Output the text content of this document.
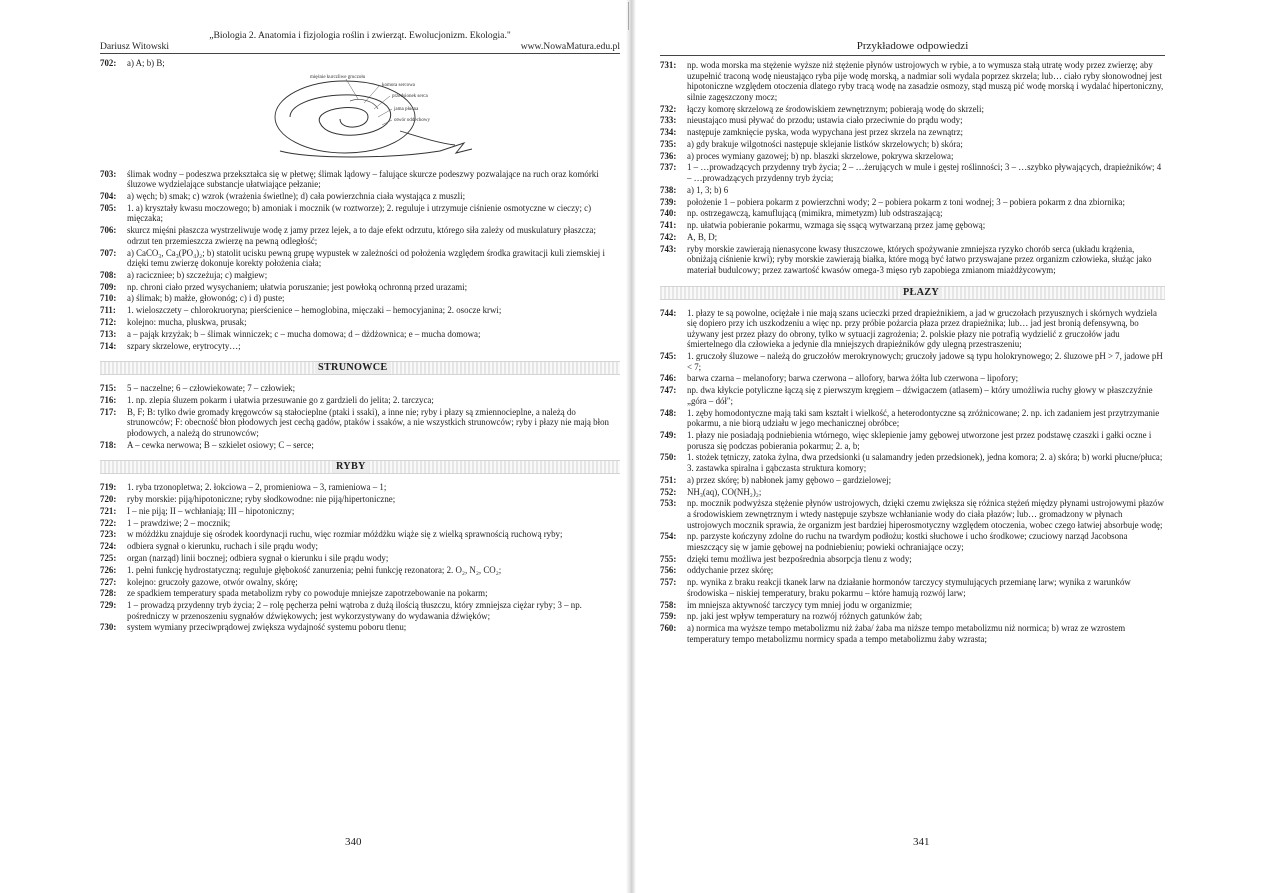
„Biologia 2. Anatomia i fizjologia roślin i zwierząt. Ewolucjonizm. Ekologia."
Dariusz Witowski	www.NowaMatura.edu.pl
702:	a) A; b) B;
mięśnie kurczliwe gruczołu
komora sercowa
przedsionek serca
jama płucna
otwór oddechowy
703:	ślimak wodny – podeszwa przekształca się w płetwę; ślimak lądowy – falujące skurcze podeszwy pozwalające na ruch oraz komórki śluzowe wydzielające substancje ułatwiające pełzanie;
704:	a) węch; b) smak; c) wzrok (wrażenia świetlne); d) cała powierzchnia ciała wystająca z muszli;
705:	1. a) kryształy kwasu moczowego; b) amoniak i mocznik (w roztworze); 2. reguluje i utrzymuje ciśnienie osmotyczne w cieczy; c) mięczaka;
706:	skurcz mięśni płaszcza wystrzeliwuje wodę z jamy przez lejek, a to daje efekt odrzutu, którego siła zależy od muskulatury płaszcza; odrzut ten przemieszcza zwierzę na pewną odległość;
707:	a) CaCO₃, Ca₃(PO₄)₂; b) statolit ucisku pewną grupę wypustek w zależności od położenia względem środka grawitacji kuli ziemskiej i dzięki temu zwierzę dokonuje korekty położenia ciała;
708:	a) raciczniee; b) szczeżuja; c) małgiew;
709:	np. chroni ciało przed wysychaniem; ułatwia poruszanie; jest powłoką ochronną przed urazami;
710:	a) ślimak; b) małże, głowonóg; c) i d) puste;
711:	1. wieloszczety – chlorokruoryna; pierścienice – hemoglobina, mięczaki – hemocyjanina; 2. osocze krwi;
712:	kolejno: mucha, pluskwa, prusak;
713:	a – pająk krzyżak; b – ślimak winniczek; c – mucha domowa; d – dżdżownica; e – mucha domowa;
714:	szpary skrzelowe, erytrocyty…;
STRUNOWCE
715:	5 – naczelne; 6 – człowiekowate; 7 – człowiek;
716:	1. np. zlepia śluzem pokarm i ułatwia przesuwanie go z gardzieli do jelita; 2. tarczyca;
717:	B, F; B: tylko dwie gromady kręgowców są stałocieplne (ptaki i ssaki), a inne nie; ryby i płazy są zmiennocieplne, a należą do strunowców; F: obecność błon płodowych jest cechą gadów, ptaków i ssaków, a nie wszystkich strunowców; ryby i płazy nie mają błon płodowych, a należą do strunowców;
718:	A – cewka nerwowa; B – szkielet osiowy; C – serce;
RYBY
719:	1. ryba trzonopletwa; 2. łokciowa – 2, promieniowa – 3, ramieniowa – 1;
720:	ryby morskie: piją/hipotoniczne; ryby słodkowodne: nie piją/hipertoniczne;
721:	I – nie piją; II – wchłaniają; III – hipotoniczny;
722:	1 – prawdziwe; 2 – mocznik;
723:	w móżdżku znajduje się ośrodek koordynacji ruchu, więc rozmiar móżdżku wiąże się z wielką sprawnością ruchową ryby;
724:	odbiera sygnał o kierunku, ruchach i sile prądu wody;
725:	organ (narząd) linii bocznej; odbiera sygnał o kierunku i sile prądu wody;
726:	1. pełni funkcję hydrostatyczną; reguluje głębokość zanurzenia; pełni funkcję rezonatora; 2. O₂, N₂, CO₂;
727:	kolejno: gruczoły gazowe, otwór owalny, skórę;
728:	ze spadkiem temperatury spada metabolizm ryby co powoduje mniejsze zapotrzebowanie na pokarm;
729:	1 – prowadzą przydenny tryb życia; 2 – rolę pęcherza pełni wątroba z dużą ilością tłuszczu, który zmniejsza ciężar ryby; 3 – np. pośredniczy w przenoszeniu sygnałów dźwiękowych; jest wykorzystywany do wydawania dźwięków;
730:	system wymiany przeciwprądowej zwiększa wydajność systemu poboru tlenu;
340
Przykładowe odpowiedzi
731:	np. woda morska ma stężenie wyższe niż stężenie płynów ustrojowych w rybie, a to wymusza stałą utratę wody przez zwierzę; aby uzupełnić traconą wodę nieustająco ryba pije wodę morską, a nadmiar soli wydala poprzez skrzela; lub… ciało ryby słonowodnej jest hipotoniczne względem otoczenia dlatego ryby tracą wodę na zasadzie osmozy, stąd muszą pić wodę morską i wydalać hipertoniczny, silnie zagęszczony mocz;
732:	łączy komorę skrzelową ze środowiskiem zewnętrznym; pobierają wodę do skrzeli;
733:	nieustająco musi pływać do przodu; ustawia ciało przeciwnie do prądu wody;
734:	następuje zamknięcie pyska, woda wypychana jest przez skrzela na zewnątrz;
735:	a) gdy brakuje wilgotności następuje sklejanie listków skrzelowych; b) skóra;
736:	a) proces wymiany gazowej; b) np. blaszki skrzelowe, pokrywa skrzelowa;
737:	1 – …prowadzących przydenny tryb życia; 2 – …żerujących w mule i gęstej roślinności; 3 – …szybko pływających, drapieżników; 4 – …prowadzących przydenny tryb życia;
738:	a) 1, 3; b) 6
739:	położenie 1 – pobiera pokarm z powierzchni wody; 2 – pobiera pokarm z toni wodnej; 3 – pobiera pokarm z dna zbiornika;
740:	np. ostrzegawczą, kamuflującą (mimikra, mimetyzm) lub odstraszającą;
741:	np. ułatwia pobieranie pokarmu, wzmaga się ssącą wytwarzaną przez jamę gębową;
742:	A, B, D;
743:	ryby morskie zawierają nienasycone kwasy tłuszczowe, których spożywanie zmniejsza ryzyko chorób serca (układu krążenia, obniżają ciśnienie krwi); ryby morskie zawierają białka, które mogą być łatwo przyswajane przez organizm człowieka, służąc jako materiał budulcowy; przez zawartość kwasów omega-3 mięso ryb zapobiega zmianom miażdżycowym;
PŁAZY
744:	1. płazy te są powolne, ociężałe i nie mają szans ucieczki przed drapieżnikiem, a jad w gruczołach przyusznych i skórnych wydziela się dopiero przy ich uszkodzeniu a więc np. przy próbie pożarcia płaza przez drapieżnika; lub… jad jest bronią defensywną, bo używany jest przez płazy do obrony, tylko w sytuacji zagrożenia; 2. polskie płazy nie potrafią wydzielić z gruczołów jadu śmiertelnego dla człowieka a jedynie dla mniejszych drapieżników gdy ulegną przestraszeniu;
745:	1. gruczoły śluzowe – należą do gruczołów merokrynowych; gruczoły jadowe są typu holokrynowego; 2. śluzowe pH > 7, jadowe pH < 7;
746:	barwa czarna – melanofory; barwa czerwona – allofory, barwa żółta lub czerwona – lipofory;
747:	np. dwa kłykcie potyliczne łączą się z pierwszym kręgiem – dźwigaczem (atlasem) – który umożliwia ruchy głowy w płaszczyźnie „góra – dół";
748:	1. zęby homodontyczne mają taki sam kształt i wielkość, a heterodontyczne są zróżnicowane; 2. np. ich zadaniem jest przytrzymanie pokarmu, a nie biorą udziału w jego mechanicznej obróbce;
749:	1. płazy nie posiadają podniebienia wtórnego, więc sklepienie jamy gębowej utworzone jest przez podstawę czaszki i gałki oczne i porusza się podczas pobierania pokarmu; 2. a, b;
750:	1. stożek tętniczy, zatoka żylna, dwa przedsionki (u salamandry jeden przedsionek), jedna komora; 2. a) skóra; b) worki płucne/płuca; 3. zastawka spiralna i gąbczasta struktura komory;
751:	a) przez skórę; b) nabłonek jamy gębowo – gardzielowej;
752:	NH₃(aq), CO(NH₂)₂;
753:	np. mocznik podwyższa stężenie płynów ustrojowych, dzięki czemu zwiększa się różnica stężeń między płynami ustrojowymi płazów a środowiskiem zewnętrznym i wtedy następuje szybsze wchłanianie wody do ciała płazów; lub… gromadzony w płynach ustrojowych mocznik sprawia, że organizm jest bardziej hiperosmotyczny względem otoczenia, wobec czego łatwiej absorbuje wodę;
754:	np. parzyste kończyny zdolne do ruchu na twardym podłożu; kostki słuchowe i ucho środkowe; czuciowy narząd Jacobsona mieszczący się w jamie gębowej na podniebieniu; powieki ochraniające oczy;
755:	dzięki temu możliwa jest bezpośrednia absorpcja tlenu z wody;
756:	oddychanie przez skórę;
757:	np. wynika z braku reakcji tkanek larw na działanie hormonów tarczycy stymulujących przemianę larw; wynika z warunków środowiska – niskiej temperatury, braku pokarmu – które hamują rozwój larw;
758:	im mniejsza aktywność tarczycy tym mniej jodu w organizmie;
759:	np. jaki jest wpływ temperatury na rozwój różnych gatunków żab;
760:	a) normica ma wyższe tempo metabolizmu niż żaba/ żaba ma niższe tempo metabolizmu niż normica; b) wraz ze wzrostem temperatury tempo metabolizmu normicy spada a tempo metabolizmu żaby wzrasta;
341
